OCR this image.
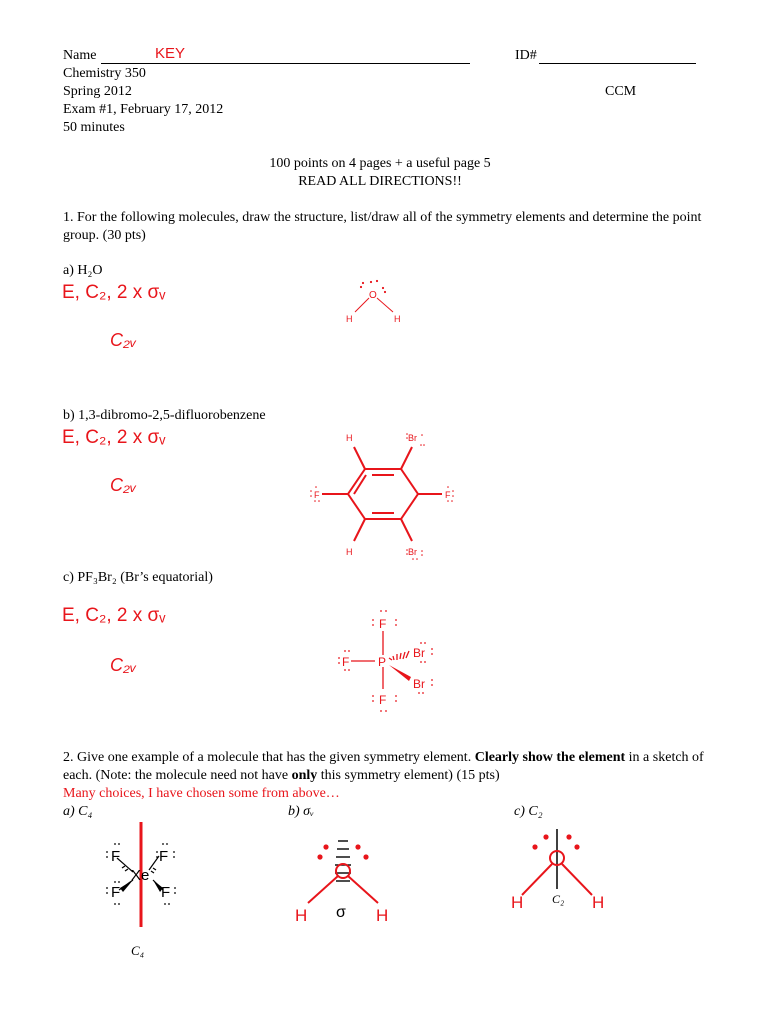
Name	KEY	ID#
Chemistry 350
Spring 2012	CCM
Exam #1, February 17, 2012
50 minutes
100 points on 4 pages + a useful page 5
READ ALL DIRECTIONS!!
1. For the following molecules, draw the structure, list/draw all of the symmetry elements and determine the point group. (30 pts)
a) H₂O
E, C₂, 2 x σᵥ
C₂ᵥ
b) 1,3-dibromo-2,5-difluorobenzene
E, C₂, 2 x σᵥ
C₂ᵥ
c) PF₃Br₂ (Br’s equatorial)
E, C₂, 2 x σᵥ
C₂ᵥ
O
H	H
H	Br
F	F
H	Br
F
P
F
F
Br
Br
2. Give one example of a molecule that has the given symmetry element. Clearly show the element in a sketch of each. (Note: the molecule need not have only this symmetry element) (15 pts)
Many choices, I have chosen some from above…
a) C₄	b) σᵥ	c) C₂
Xe
F	F
F	F
C₄
H	H
σ
H	H
C₂
